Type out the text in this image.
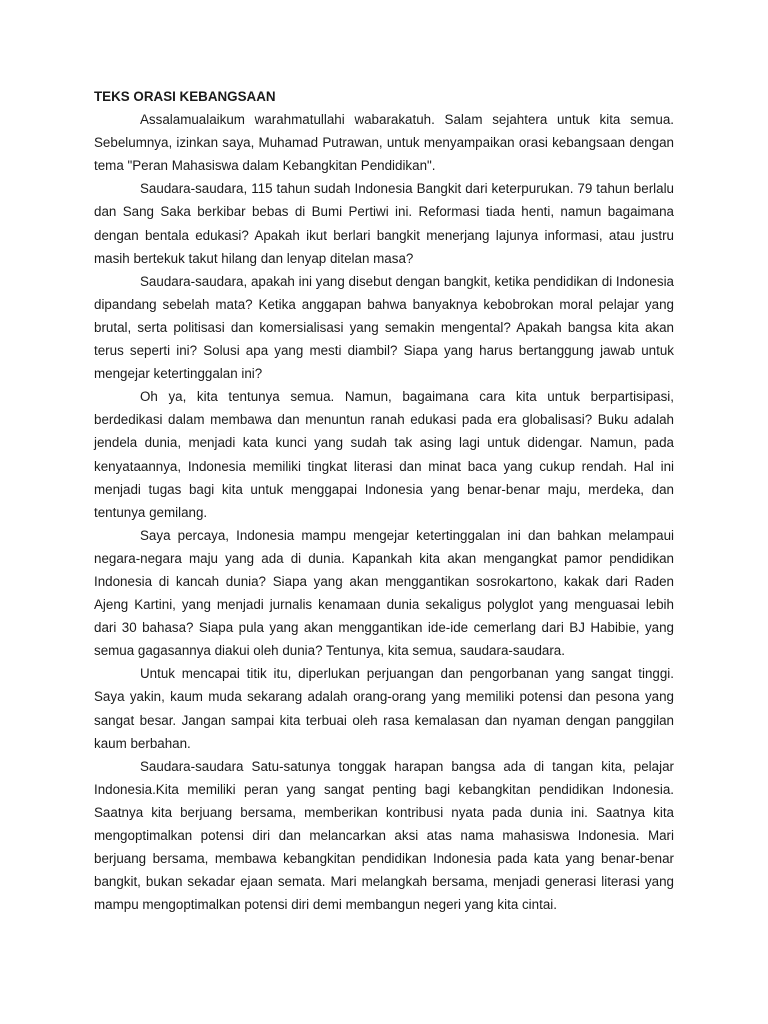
TEKS ORASI KEBANGSAAN

Assalamualaikum warahmatullahi wabarakatuh. Salam sejahtera untuk kita semua. Sebelumnya, izinkan saya, Muhamad Putrawan, untuk menyampaikan orasi kebangsaan dengan tema "Peran Mahasiswa dalam Kebangkitan Pendidikan".

Saudara-saudara, 115 tahun sudah Indonesia Bangkit dari keterpurukan. 79 tahun berlalu dan Sang Saka berkibar bebas di Bumi Pertiwi ini. Reformasi tiada henti, namun bagaimana dengan bentala edukasi? Apakah ikut berlari bangkit menerjang lajunya informasi, atau justru masih bertekuk takut hilang dan lenyap ditelan masa?

Saudara-saudara, apakah ini yang disebut dengan bangkit, ketika pendidikan di Indonesia dipandang sebelah mata? Ketika anggapan bahwa banyaknya kebobrokan moral pelajar yang brutal, serta politisasi dan komersialisasi yang semakin mengental? Apakah bangsa kita akan terus seperti ini? Solusi apa yang mesti diambil? Siapa yang harus bertanggung jawab untuk mengejar ketertinggalan ini?

Oh ya, kita tentunya semua. Namun, bagaimana cara kita untuk berpartisipasi, berdedikasi dalam membawa dan menuntun ranah edukasi pada era globalisasi? Buku adalah jendela dunia, menjadi kata kunci yang sudah tak asing lagi untuk didengar. Namun, pada kenyataannya, Indonesia memiliki tingkat literasi dan minat baca yang cukup rendah. Hal ini menjadi tugas bagi kita untuk menggapai Indonesia yang benar-benar maju, merdeka, dan tentunya gemilang.

Saya percaya, Indonesia mampu mengejar ketertinggalan ini dan bahkan melampaui negara-negara maju yang ada di dunia. Kapankah kita akan mengangkat pamor pendidikan Indonesia di kancah dunia? Siapa yang akan menggantikan sosrokartono, kakak dari Raden Ajeng Kartini, yang menjadi jurnalis kenamaan dunia sekaligus polyglot yang menguasai lebih dari 30 bahasa? Siapa pula yang akan menggantikan ide-ide cemerlang dari BJ Habibie, yang semua gagasannya diakui oleh dunia? Tentunya, kita semua, saudara-saudara.

Untuk mencapai titik itu, diperlukan perjuangan dan pengorbanan yang sangat tinggi. Saya yakin, kaum muda sekarang adalah orang-orang yang memiliki potensi dan pesona yang sangat besar. Jangan sampai kita terbuai oleh rasa kemalasan dan nyaman dengan panggilan kaum berbahan.

Saudara-saudara Satu-satunya tonggak harapan bangsa ada di tangan kita, pelajar Indonesia.Kita memiliki peran yang sangat penting bagi kebangkitan pendidikan Indonesia. Saatnya kita berjuang bersama, memberikan kontribusi nyata pada dunia ini. Saatnya kita mengoptimalkan potensi diri dan melancarkan aksi atas nama mahasiswa Indonesia. Mari berjuang bersama, membawa kebangkitan pendidikan Indonesia pada kata yang benar-benar bangkit, bukan sekadar ejaan semata. Mari melangkah bersama, menjadi generasi literasi yang mampu mengoptimalkan potensi diri demi membangun negeri yang kita cintai.
